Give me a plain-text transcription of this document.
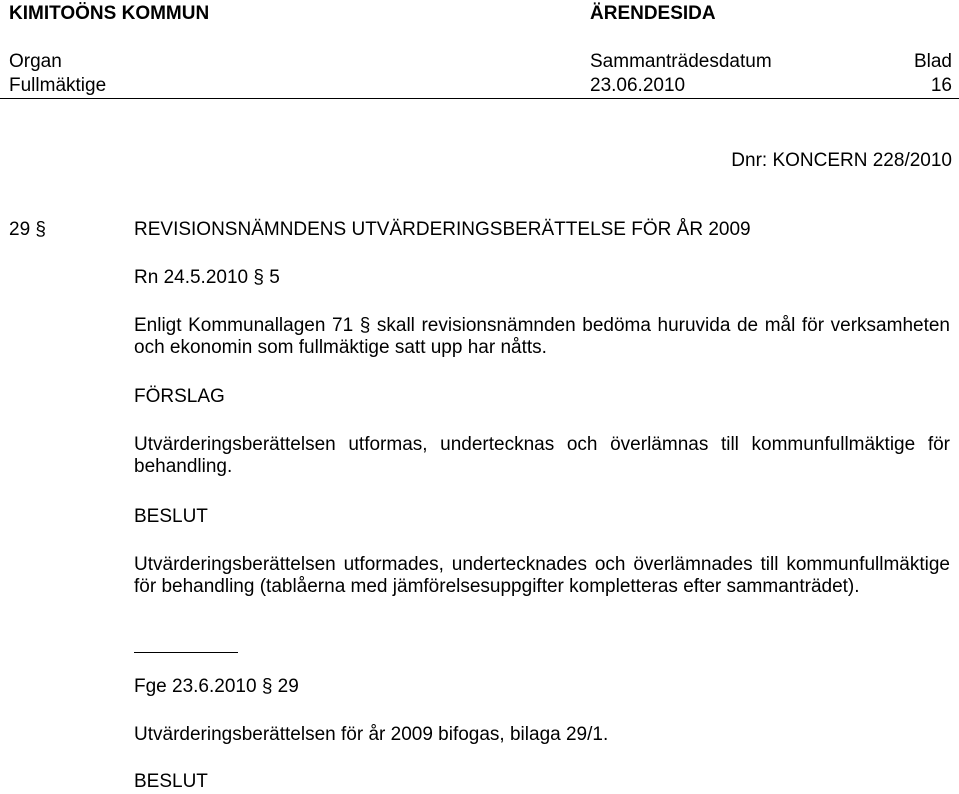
KIMITOÖNS KOMMUN	ÄRENDESIDA
Organ	Sammanträdesdatum	Blad
Fullmäktige	23.06.2010	16
Dnr: KONCERN 228/2010
29 §	REVISIONSNÄMNDENS UTVÄRDERINGSBERÄTTELSE FÖR ÅR 2009
Rn 24.5.2010 § 5
Enligt Kommunallagen 71 § skall revisionsnämnden bedöma huruvida de mål för verksamheten och ekonomin som fullmäktige satt upp har nåtts.
FÖRSLAG
Utvärderingsberättelsen utformas, undertecknas och överlämnas till kommunfullmäktige för behandling.
BESLUT
Utvärderingsberättelsen utformades, undertecknades och överlämnades till kommunfullmäktige för behandling (tablåerna med jämförelsesuppgifter kompletteras efter sammanträdet).
Fge 23.6.2010 § 29
Utvärderingsberättelsen för år 2009 bifogas, bilaga 29/1.
BESLUT
